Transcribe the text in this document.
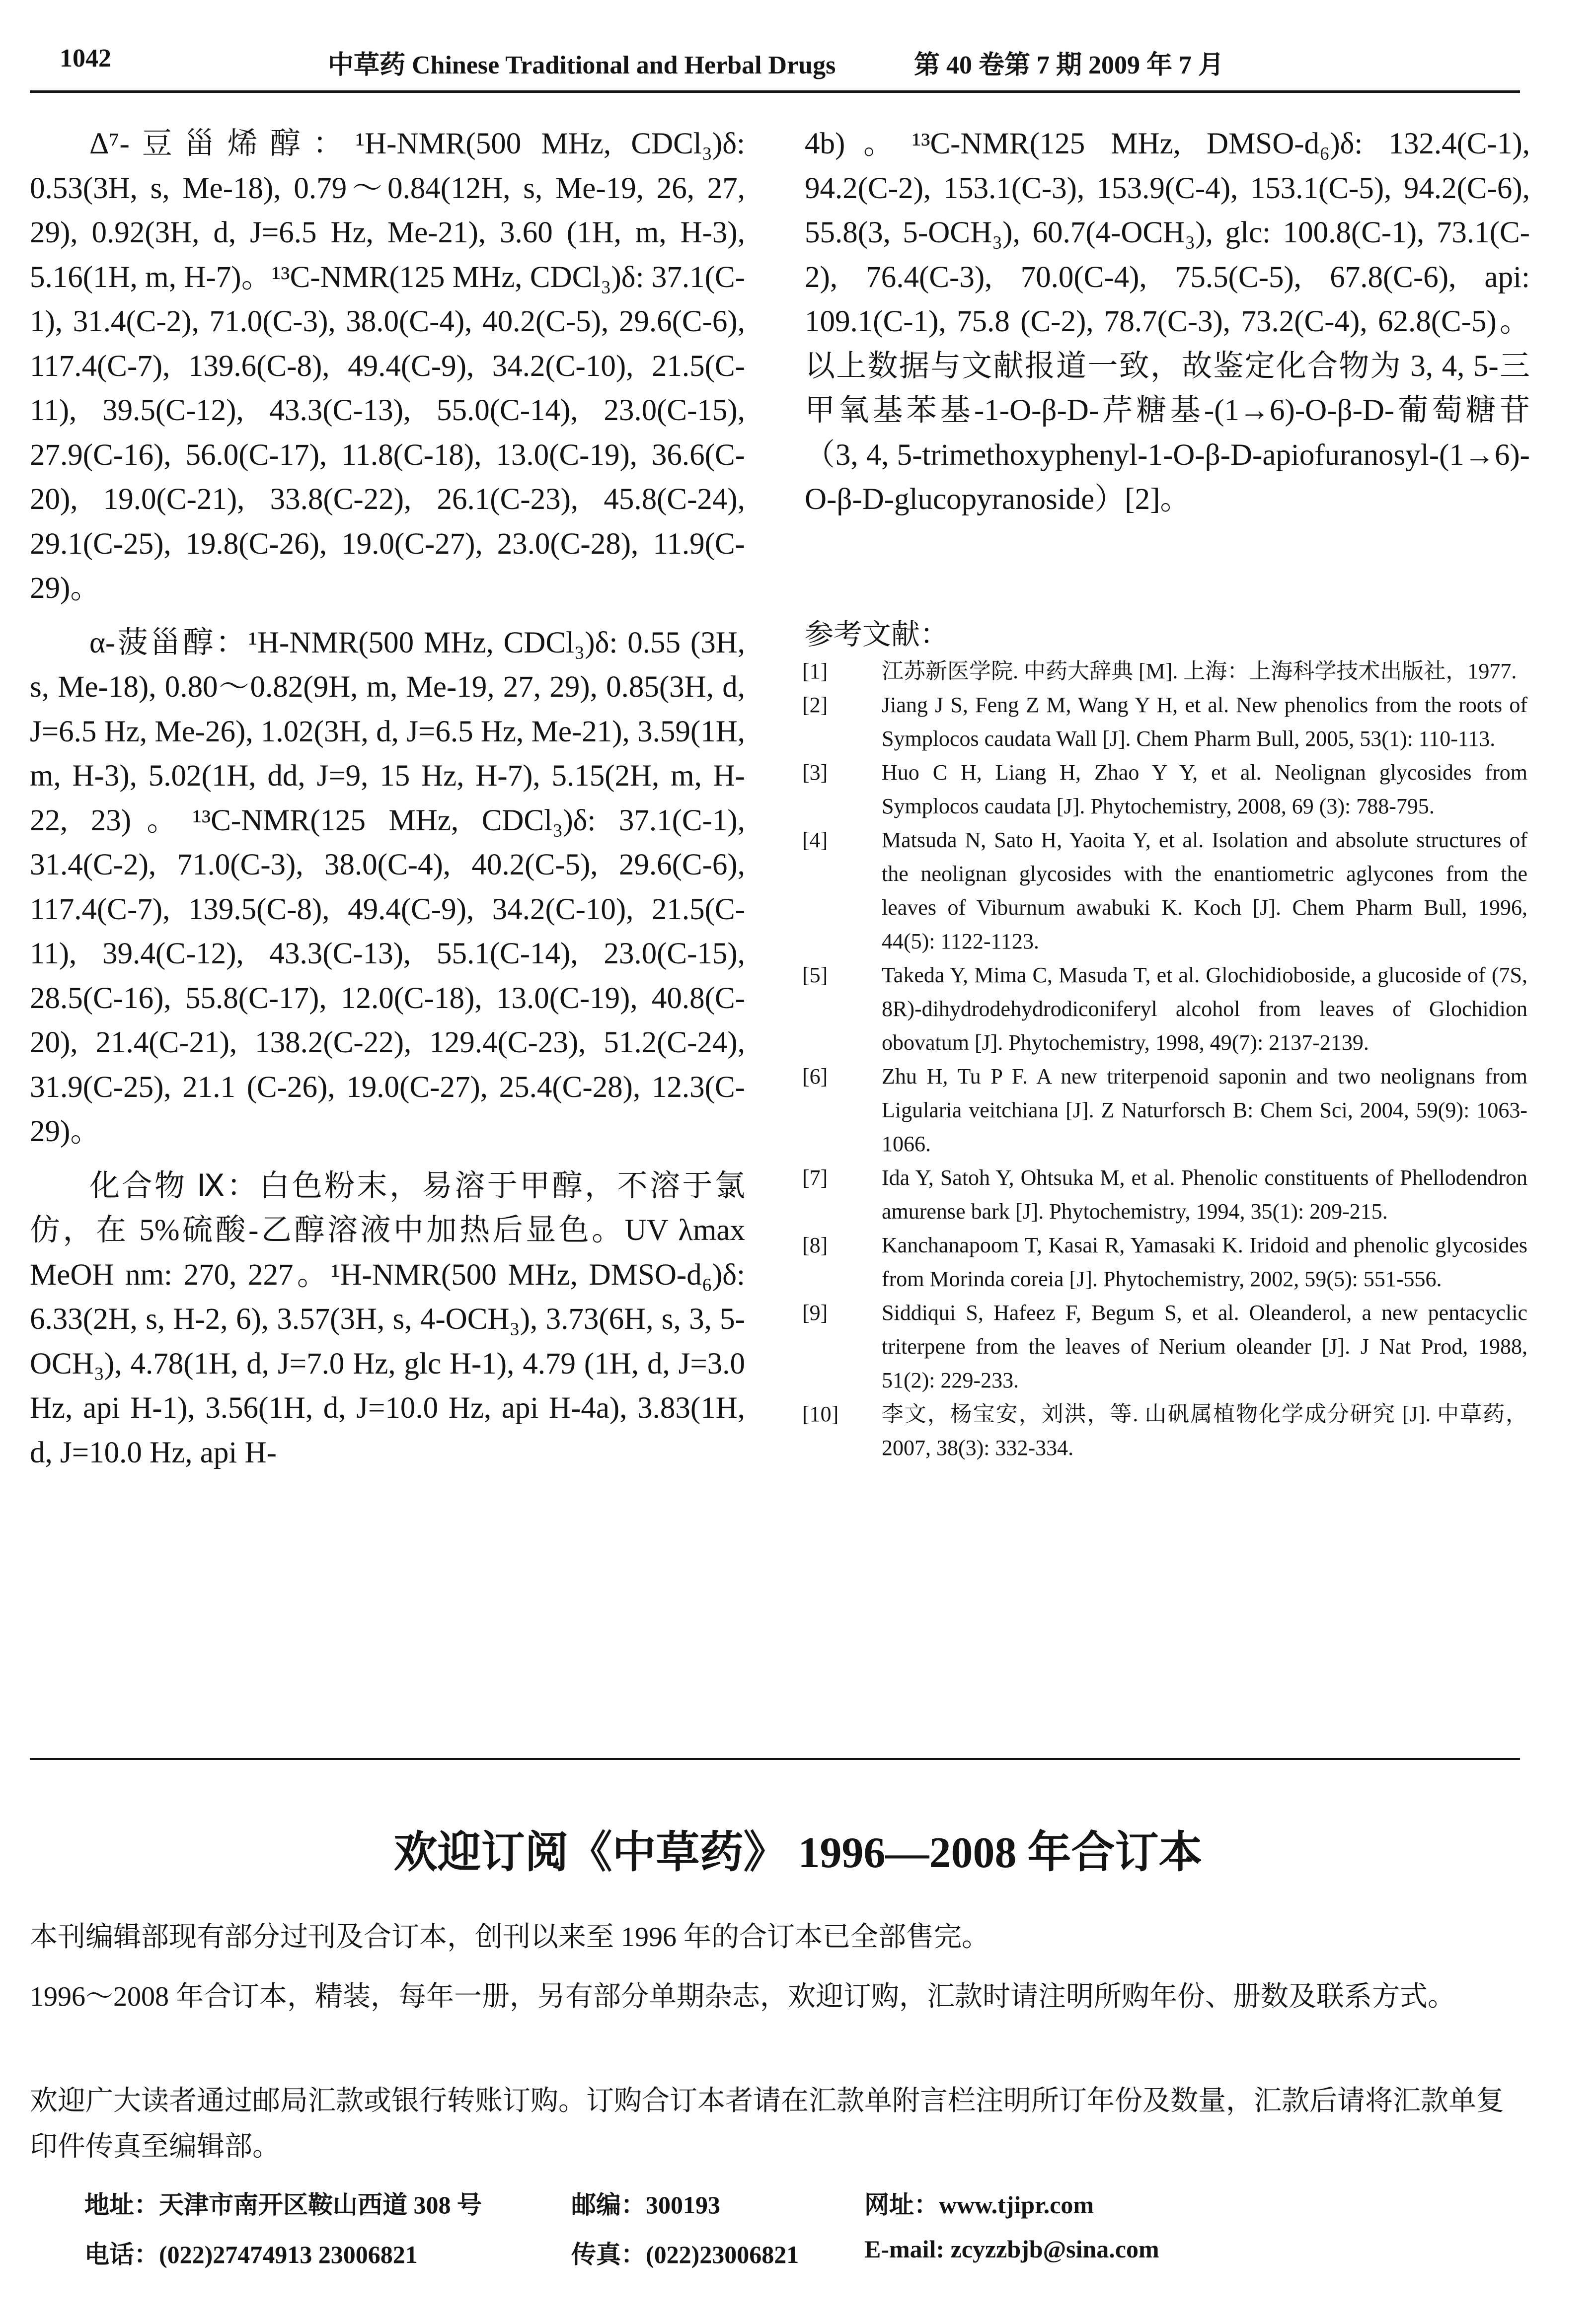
1042	中草药 Chinese Traditional and Herbal Drugs	第 40 卷第 7 期 2009 年 7 月

Δ⁷-豆甾烯醇：¹H-NMR(500 MHz, CDCl₃)δ: 0.53(3H, s, Me-18), 0.79～0.84(12H, s, Me-19, 26, 27, 29), 0.92(3H, d, J=6.5 Hz, Me-21), 3.60 (1H, m, H-3), 5.16(1H, m, H-7)。¹³C-NMR(125 MHz, CDCl₃)δ: 37.1(C-1), 31.4(C-2), 71.0(C-3), 38.0(C-4), 40.2(C-5), 29.6(C-6), 117.4(C-7), 139.6(C-8), 49.4(C-9), 34.2(C-10), 21.5(C-11), 39.5(C-12), 43.3(C-13), 55.0(C-14), 23.0(C-15), 27.9(C-16), 56.0(C-17), 11.8(C-18), 13.0(C-19), 36.6(C-20), 19.0(C-21), 33.8(C-22), 26.1(C-23), 45.8(C-24), 29.1(C-25), 19.8(C-26), 19.0(C-27), 23.0(C-28), 11.9(C-29)。

α-菠甾醇：¹H-NMR(500 MHz, CDCl₃)δ: 0.55 (3H, s, Me-18), 0.80～0.82(9H, m, Me-19, 27, 29), 0.85(3H, d, J=6.5 Hz, Me-26), 1.02(3H, d, J=6.5 Hz, Me-21), 3.59(1H, m, H-3), 5.02(1H, dd, J=9, 15 Hz, H-7), 5.15(2H, m, H-22, 23)。¹³C-NMR(125 MHz, CDCl₃)δ: 37.1(C-1), 31.4(C-2), 71.0(C-3), 38.0(C-4), 40.2(C-5), 29.6(C-6), 117.4(C-7), 139.5(C-8), 49.4(C-9), 34.2(C-10), 21.5(C-11), 39.4(C-12), 43.3(C-13), 55.1(C-14), 23.0(C-15), 28.5(C-16), 55.8(C-17), 12.0(C-18), 13.0(C-19), 40.8(C-20), 21.4(C-21), 138.2(C-22), 129.4(C-23), 51.2(C-24), 31.9(C-25), 21.1 (C-26), 19.0(C-27), 25.4(C-28), 12.3(C-29)。

化合物 Ⅸ：白色粉末，易溶于甲醇，不溶于氯仿，在 5%硫酸-乙醇溶液中加热后显色。UV λmax MeOH nm: 270, 227。¹H-NMR(500 MHz, DMSO-d₆)δ: 6.33(2H, s, H-2, 6), 3.57(3H, s, 4-OCH₃), 3.73(6H, s, 3, 5-OCH₃), 4.78(1H, d, J=7.0 Hz, glc H-1), 4.79 (1H, d, J=3.0 Hz, api H-1), 3.56(1H, d, J=10.0 Hz, api H-4a), 3.83(1H, d, J=10.0 Hz, api H-

4b)。¹³C-NMR(125 MHz, DMSO-d₆)δ: 132.4(C-1), 94.2(C-2), 153.1(C-3), 153.9(C-4), 153.1(C-5), 94.2(C-6), 55.8(3, 5-OCH₃), 60.7(4-OCH₃), glc: 100.8(C-1), 73.1(C-2), 76.4(C-3), 70.0(C-4), 75.5(C-5), 67.8(C-6), api: 109.1(C-1), 75.8 (C-2), 78.7(C-3), 73.2(C-4), 62.8(C-5)。以上数据与文献报道一致，故鉴定化合物为 3, 4, 5-三甲氧基苯基-1-O-β-D-芹糖基-(1→6)-O-β-D-葡萄糖苷（3, 4, 5-trimethoxyphenyl-1-O-β-D-apiofuranosyl-(1→6)-O-β-D-glucopyranoside）[2]。

参考文献：
[1]	江苏新医学院. 中药大辞典 [M]. 上海：上海科学技术出版社，1977.
[2]	Jiang J S, Feng Z M, Wang Y H, et al. New phenolics from the roots of Symplocos caudata Wall [J]. Chem Pharm Bull, 2005, 53(1): 110-113.
[3]	Huo C H, Liang H, Zhao Y Y, et al. Neolignan glycosides from Symplocos caudata [J]. Phytochemistry, 2008, 69 (3): 788-795.
[4]	Matsuda N, Sato H, Yaoita Y, et al. Isolation and absolute structures of the neolignan glycosides with the enantiometric aglycones from the leaves of Viburnum awabuki K. Koch [J]. Chem Pharm Bull, 1996, 44(5): 1122-1123.
[5]	Takeda Y, Mima C, Masuda T, et al. Glochidioboside, a glucoside of (7S, 8R)-dihydrodehydrodiconiferyl alcohol from leaves of Glochidion obovatum [J]. Phytochemistry, 1998, 49(7): 2137-2139.
[6]	Zhu H, Tu P F. A new triterpenoid saponin and two neolignans from Ligularia veitchiana [J]. Z Naturforsch B: Chem Sci, 2004, 59(9): 1063-1066.
[7]	Ida Y, Satoh Y, Ohtsuka M, et al. Phenolic constituents of Phellodendron amurense bark [J]. Phytochemistry, 1994, 35(1): 209-215.
[8]	Kanchanapoom T, Kasai R, Yamasaki K. Iridoid and phenolic glycosides from Morinda coreia [J]. Phytochemistry, 2002, 59(5): 551-556.
[9]	Siddiqui S, Hafeez F, Begum S, et al. Oleanderol, a new pentacyclic triterpene from the leaves of Nerium oleander [J]. J Nat Prod, 1988, 51(2): 229-233.
[10]	李文，杨宝安，刘洪，等. 山矾属植物化学成分研究 [J]. 中草药，2007, 38(3): 332-334.
欢迎订阅《中草药》 1996—2008 年合订本
本刊编辑部现有部分过刊及合订本，创刊以来至 1996 年的合订本已全部售完。
1996～2008 年合订本，精装，每年一册，另有部分单期杂志，欢迎订购，汇款时请注明所购年份、册数及联系方式。
欢迎广大读者通过邮局汇款或银行转账订购。订购合订本者请在汇款单附言栏注明所订年份及数量，汇款后请将汇款单复印件传真至编辑部。
地址：天津市南开区鞍山西道 308 号	邮编：300193	网址：www.tjipr.com
电话：(022)27474913 23006821	传真：(022)23006821	E-mail: zcyzzbjb@sina.com
